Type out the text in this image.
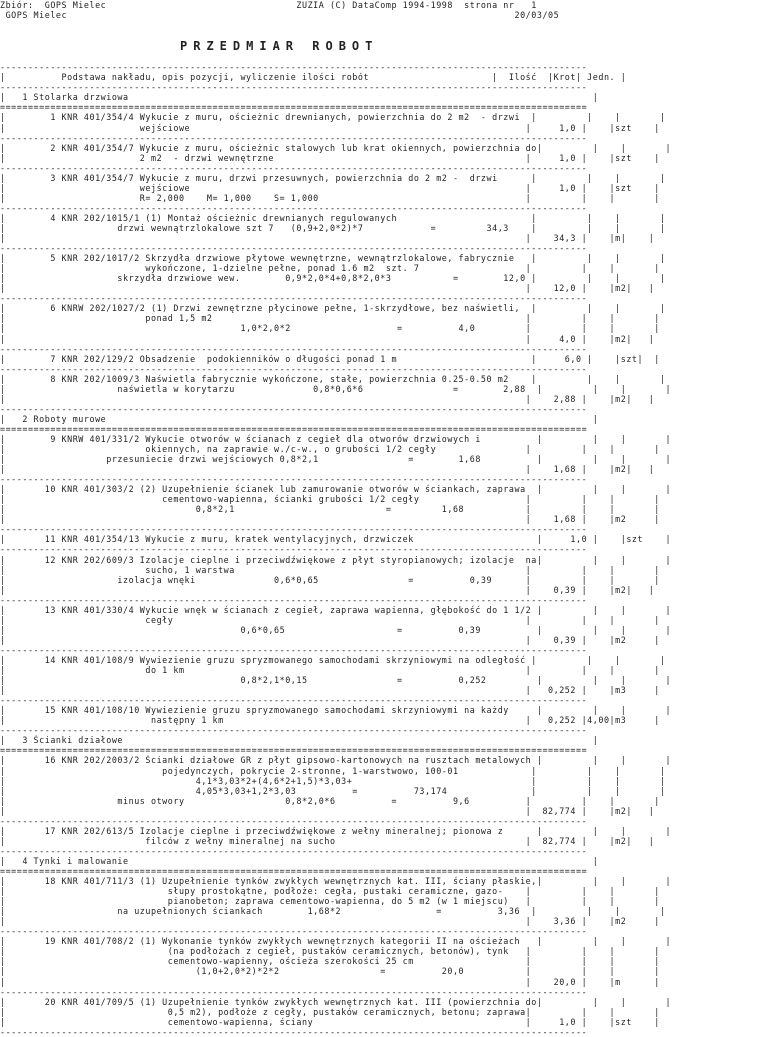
Zbiór:  GOPS Mielec                                  ZUZIA (C) DataComp 1994-1998  strona nr   1
GOPS Mielec                                                                                20/03/05
PRZEDMIAR ROBÓT
---------------------------------------------------------------------------------------------------------
|          Podstawa nakładu, opis pozycji, wyliczenie ilości robót                      |  Ilość  |Krot| Jedn. |
---------------------------------------------------------------------------------------------------------
|   1 Stolarka drzwiowa                                                                                   |
=========================================================================================================
|        1 KNR 401/354/4 Wykucie z muru, ościeżnic drewnianych, powierzchnia do 2 m2  - drzwi  |         |    |       |
|                        wejściowe                                                            |     1,0 |    |szt    |
---------------------------------------------------------------------------------------------------------
|        2 KNR 401/354/7 Wykucie z muru, ościeżnic stalowych lub krat okiennych, powierzchnia do|         |    |       |
|                        2 m2  - drzwi wewnętrzne                                             |     1,0 |    |szt    |
---------------------------------------------------------------------------------------------------------
|        3 KNR 401/354/7 Wykucie z muru, drzwi przesuwnych, powierzchnia do 2 m2 -  drzwi      |         |    |       |
|                        wejściowe                                                            |     1,0 |    |szt    |
|                        R= 2,000    M= 1,000    S= 1,000                                     |         |    |       |
---------------------------------------------------------------------------------------------------------
|        4 KNR 202/1015/1 (1) Montaż ościeżnic drewnianych regulowanych                        |         |    |       |
|                    drzwi wewnątrzlokalowe szt 7   (0,9+2,0*2)*7            =         34,3    |         |    |       |
|                                                                                             |    34,3 |    |m|    |
---------------------------------------------------------------------------------------------------------
|        5 KNR 202/1017/2 Skrzydła drzwiowe płytowe wewnętrzne, wewnątrzlokalowe, fabrycznie   |         |    |       |
|                         wykończone, 1-dzielne pełne, ponad 1.6 m2  szt. 7                   |         |    |       |
|                    skrzydła drzwiowe wew.        0,9*2,0*4+0,8*2,0*3           =        12,0 |         |    |       |
|                                                                                             |    12,0 |    |m2|   |
---------------------------------------------------------------------------------------------------------
|        6 KNRW 202/1027/2 (1) Drzwi zewnętrzne płycinowe pełne, 1-skrzydłowe, bez naświetli,  |         |    |       |
|                         ponad 1,5 m2                                                        |         |    |       |
|                                          1,0*2,0*2                   =          4,0         |         |    |       |
|                                                                                             |     4,0 |    |m2|   |
---------------------------------------------------------------------------------------------------------
|        7 KNR 202/129/2 Obsadzenie  podokienników o długości ponad 1 m                        |     6,0 |    |szt|  |
---------------------------------------------------------------------------------------------------------
|        8 KNR 202/1009/3 Naświetla fabrycznie wykończone, stałe, powierzchnia 0.25-0.50 m2    |         |    |       |
|                    naświetla w korytarzu              0,8*0,6*6                =        2,88  |         |    |       |
|                                                                                             |    2,88 |    |m2|   |
---------------------------------------------------------------------------------------------------------
|   2 Roboty murowe                                                                                       |
=========================================================================================================
|        9 KNRW 401/331/2 Wykucie otworów w ścianach z cegieł dla otworów drzwiowych i          |         |    |       |
|                         okiennych, na zaprawie w./c-w., o grubości 1/2 cegły                |         |    |       |
|                  przesuniecie drzwi wejściowych 0,8*2,1                =        1,68          |         |    |       |
|                                                                                             |    1,68 |    |m2|   |
---------------------------------------------------------------------------------------------------------
|       10 KNR 401/303/2 (2) Uzupełnienie ścianek lub zamurowanie otworów w ściankach, zaprawa  |         |    |       |
|                            cementowo-wapienna, ścianki grubości 1/2 cegły                   |         |    |       |
|                                  0,8*2,1                           =         1,68           |         |    |       |
|                                                                                             |    1,68 |    |m2     |
---------------------------------------------------------------------------------------------------------
|       11 KNR 401/354/13 Wykucie z muru, kratek wentylacyjnych, drzwiczek                      |     1,0 |    |szt    |
---------------------------------------------------------------------------------------------------------
|       12 KNR 202/609/3 Izolacje cieplne i przeciwdźwiękowe z płyt styropianowych; izolacje  na|         |    |       |
|                         sucho, 1 warstwa                                                    |         |    |       |
|                    izolacja wnęki              0,6*0,65                =          0,39      |         |    |       |
|                                                                                             |    0,39 |    |m2|   |
---------------------------------------------------------------------------------------------------------
|       13 KNR 401/330/4 Wykucie wnęk w ścianach z cegieł, zaprawa wapienna, głębokość do 1 1/2 |         |    |       |
|                         cegły                                                               |         |    |       |
|                                          0,6*0,65                    =          0,39          |         |    |       |
|                                                                                             |    0,39 |    |m2     |
---------------------------------------------------------------------------------------------------------
|       14 KNR 401/108/9 Wywiezienie gruzu spryzmowanego samochodami skrzyniowymi na odległość |         |    |       |
|                         do 1 km                                                             |         |    |       |
|                                          0,8*2,1*0,15                =          0,252         |         |    |       |
|                                                                                             |   0,252 |    |m3     |
---------------------------------------------------------------------------------------------------------
|       15 KNR 401/108/10 Wywiezienie gruzu spryzmowanego samochodami skrzyniowymi na każdy     |         |    |       |
|                          następny 1 km                                                      |   0,252 |4,00|m3     |
---------------------------------------------------------------------------------------------------------
|   3 Ścianki działowe                                                                                    |
=========================================================================================================
|       16 KNR 202/2003/2 Ścianki działowe GR z płyt gipsowo-kartonowych na rusztach metalowych |         |    |       |
|                            pojedynczych, pokrycie 2-stronne, 1-warstwowo, 100-01             |         |    |       |
|                                  4,1*3,03*2+(4,6*2+1,5)*3,03+                                |         |    |       |
|                                  4,05*3,03+1,2*3,03          =          73,174               |         |    |       |
|                    minus otwory                  0,8*2,0*6          =          9,6          |         |    |       |
|                                                                                             |  82,774 |    |m2|   |
---------------------------------------------------------------------------------------------------------
|       17 KNR 202/613/5 Izolacje cieplne i przeciwdźwiękowe z wełny mineralnej; pionowa z      |         |    |       |
|                         filców z wełny mineralnej na sucho                                  |  82,774 |    |m2|   |
---------------------------------------------------------------------------------------------------------
|   4 Tynki i malowanie                                                                                   |
=========================================================================================================
|       18 KNR 401/711/3 (1) Uzupełnienie tynków zwykłych wewnętrznych kat. III, ściany płaskie,|         |    |       |
|                             słupy prostokątne, podłoże: cegła, pustaki ceramiczne, gazo-    |         |    |       |
|                             pianobeton; zaprawa cementowo-wapienna, do 5 m2 (w 1 miejscu)   |         |    |       |
|                    na uzupełnionych ściankach        1,68*2                 =          3,36  |         |    |       |
|                                                                                             |    3,36 |    |m2     |
---------------------------------------------------------------------------------------------------------
|       19 KNR 401/708/2 (1) Wykonanie tynków zwykłych wewnętrznych kategorii II na ościeżach   |         |    |       |
|                             (na podłożach z cegieł, pustaków ceramicznych, betonów), tynk   |         |    |       |
|                             cementowo-wapienny, ościeża szerokości 25 cm                    |         |    |       |
|                                  (1,0+2,0*2)*2*2                  =          20,0           |         |    |       |
|                                                                                             |    20,0 |    |m      |
---------------------------------------------------------------------------------------------------------
|       20 KNR 401/709/5 (1) Uzupełnienie tynków zwykłych wewnętrznych kat. III (powierzchnia do|         |    |       |
|                             0,5 m2), podłoże z cegły, pustaków ceramicznych, betonu; zaprawa|         |    |       |
|                             cementowo-wapienna, ściany                                      |     1,0 |    |szt    |
---------------------------------------------------------------------------------------------------------
